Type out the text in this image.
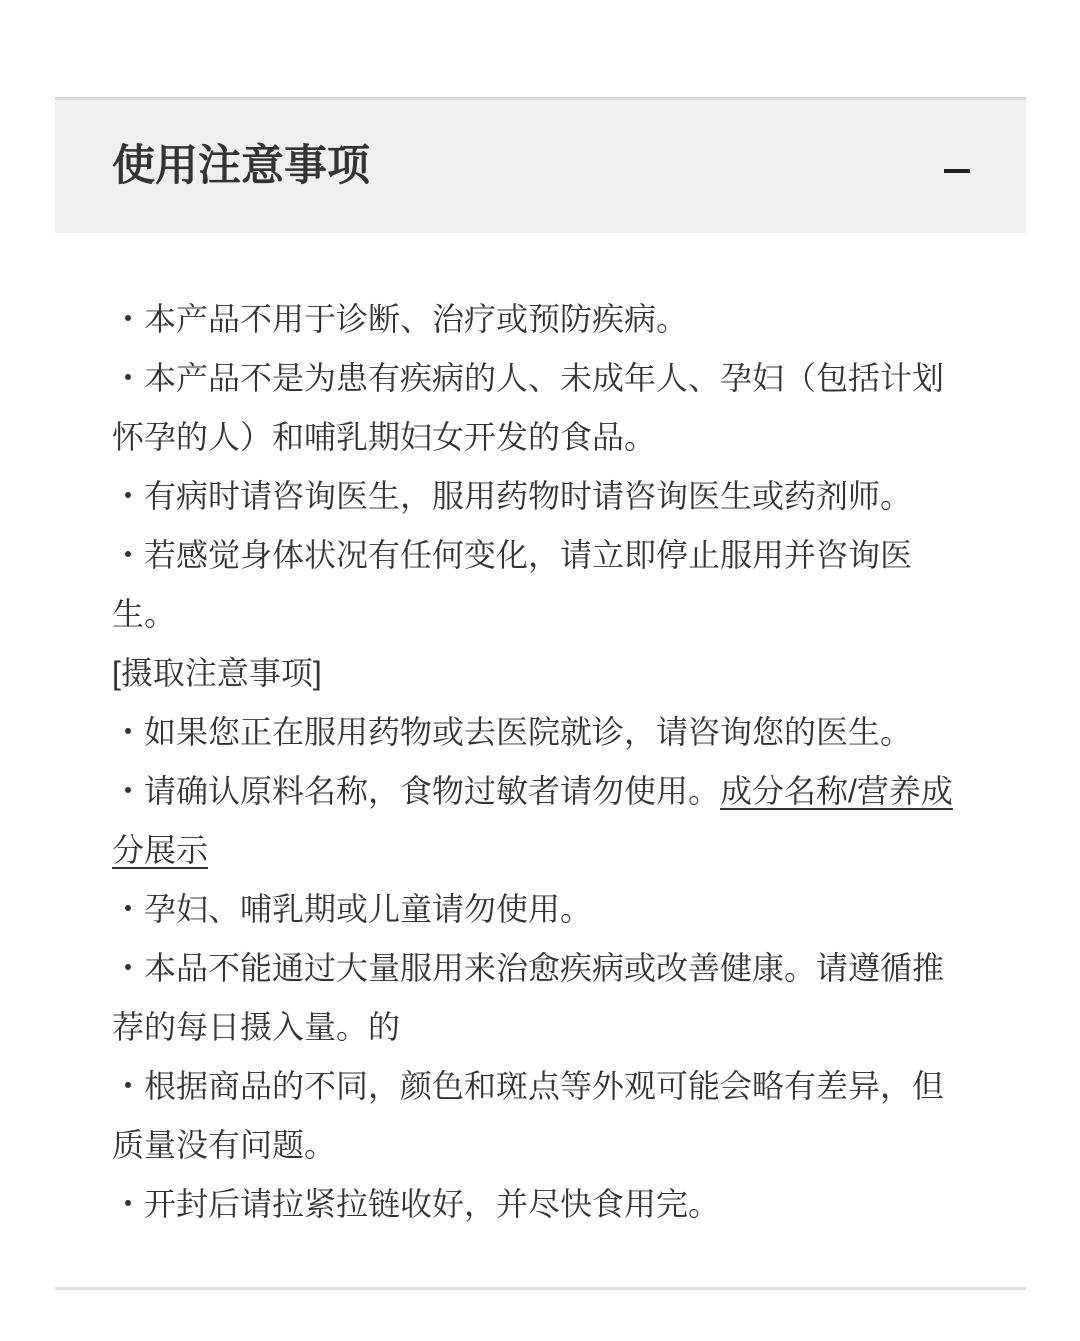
使用注意事项
・本产品不用于诊断、治疗或预防疾病。
・本产品不是为患有疾病的人、未成年人、孕妇（包括计划
怀孕的人）和哺乳期妇女开发的食品。
・有病时请咨询医生，服用药物时请咨询医生或药剂师。
・若感觉身体状况有任何变化，请立即停止服用并咨询医
生。
[摄取注意事项]
・如果您正在服用药物或去医院就诊，请咨询您的医生。
・请确认原料名称，食物过敏者请勿使用。成分名称/营养成
分展示
・孕妇、哺乳期或儿童请勿使用。
・本品不能通过大量服用来治愈疾病或改善健康。请遵循推
荐的每日摄入量。的
・根据商品的不同，颜色和斑点等外观可能会略有差异，但
质量没有问题。
・开封后请拉紧拉链收好，并尽快食用完。
